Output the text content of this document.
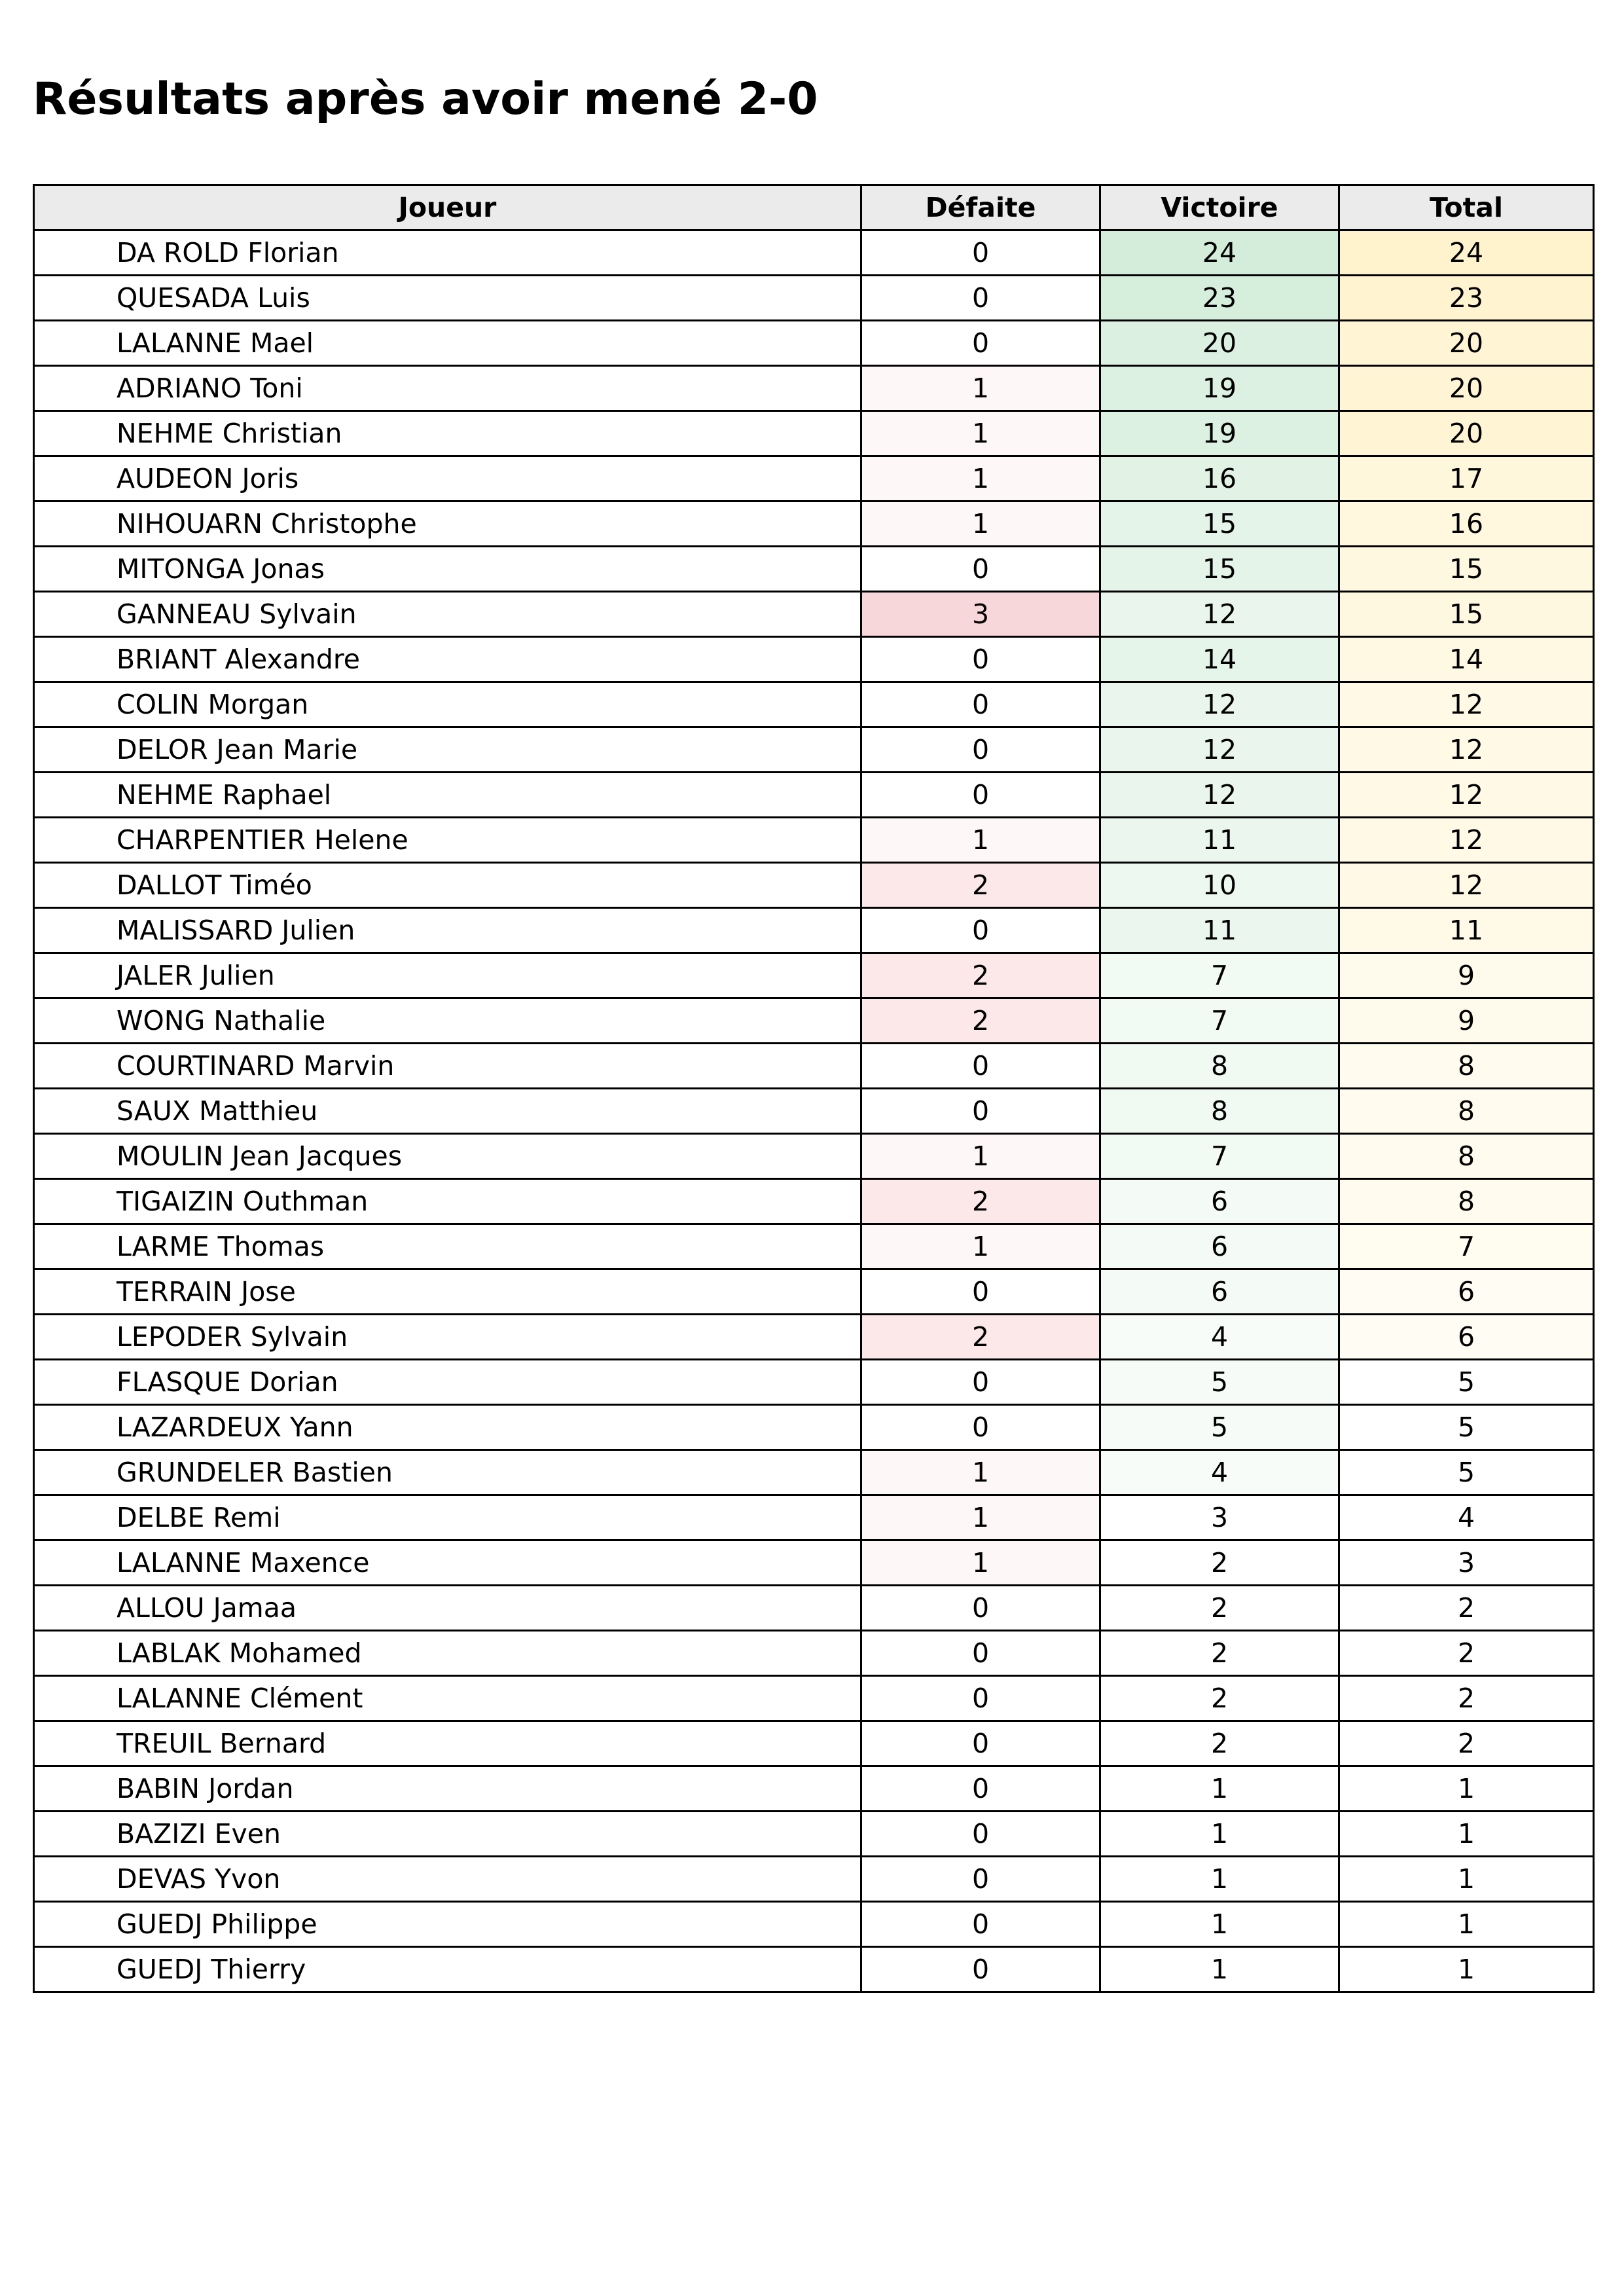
Résultats après avoir mené 2-0
Joueur	Défaite	Victoire	Total
DA ROLD Florian	0	24	24
QUESADA Luis	0	23	23
LALANNE Mael	0	20	20
ADRIANO Toni	1	19	20
NEHME Christian	1	19	20
AUDEON Joris	1	16	17
NIHOUARN Christophe	1	15	16
MITONGA Jonas	0	15	15
GANNEAU Sylvain	3	12	15
BRIANT Alexandre	0	14	14
COLIN Morgan	0	12	12
DELOR Jean Marie	0	12	12
NEHME Raphael	0	12	12
CHARPENTIER Helene	1	11	12
DALLOT Timéo	2	10	12
MALISSARD Julien	0	11	11
JALER Julien	2	7	9
WONG Nathalie	2	7	9
COURTINARD Marvin	0	8	8
SAUX Matthieu	0	8	8
MOULIN Jean Jacques	1	7	8
TIGAIZIN Outhman	2	6	8
LARME Thomas	1	6	7
TERRAIN Jose	0	6	6
LEPODER Sylvain	2	4	6
FLASQUE Dorian	0	5	5
LAZARDEUX Yann	0	5	5
GRUNDELER Bastien	1	4	5
DELBE Remi	1	3	4
LALANNE Maxence	1	2	3
ALLOU Jamaa	0	2	2
LABLAK Mohamed	0	2	2
LALANNE Clément	0	2	2
TREUIL Bernard	0	2	2
BABIN Jordan	0	1	1
BAZIZI Even	0	1	1
DEVAS Yvon	0	1	1
GUEDJ Philippe	0	1	1
GUEDJ Thierry	0	1	1
